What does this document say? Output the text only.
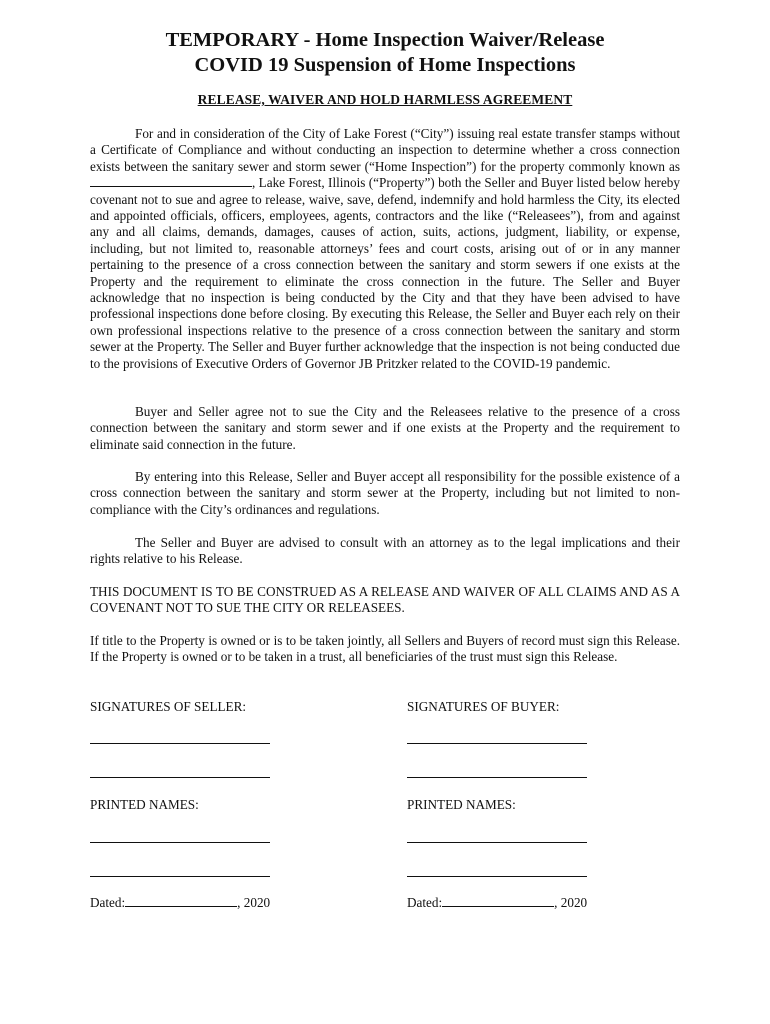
TEMPORARY - Home Inspection Waiver/Release

COVID 19 Suspension of Home Inspections

RELEASE, WAIVER AND HOLD HARMLESS AGREEMENT

For and in consideration of the City of Lake Forest (“City”) issuing real estate transfer stamps without a Certificate of Compliance and without conducting an inspection to determine whether a cross connection exists between the sanitary sewer and storm sewer (“Home Inspection”) for the property commonly known as , Lake Forest, Illinois (“Property”) both the Seller and Buyer listed below hereby covenant not to sue and agree to release, waive, save, defend, indemnify and hold harmless the City, its elected and appointed officials, officers, employees, agents, contractors and the like (“Releasees”), from and against any and all claims, demands, damages, causes of action, suits, actions, judgment, liability, or expense, including, but not limited to, reasonable attorneys’ fees and court costs, arising out of or in any manner pertaining to the presence of a cross connection between the sanitary and storm sewers if one exists at the Property and the requirement to eliminate the cross connection in the future. The Seller and Buyer acknowledge that no inspection is being conducted by the City and that they have been advised to have professional inspections done before closing. By executing this Release, the Seller and Buyer each rely on their own professional inspections relative to the presence of a cross connection between the sanitary and storm sewer at the Property. The Seller and Buyer further acknowledge that the inspection is not being conducted due to the provisions of Executive Orders of Governor JB Pritzker related to the COVID-19 pandemic.

Buyer and Seller agree not to sue the City and the Releasees relative to the presence of a cross connection between the sanitary and storm sewer and if one exists at the Property and the requirement to eliminate said connection in the future.

By entering into this Release, Seller and Buyer accept all responsibility for the possible existence of a cross connection between the sanitary and storm sewer at the Property, including but not limited to non-compliance with the City’s ordinances and regulations.

The Seller and Buyer are advised to consult with an attorney as to the legal implications and their rights relative to his Release.

THIS DOCUMENT IS TO BE CONSTRUED AS A RELEASE AND WAIVER OF ALL CLAIMS AND AS A COVENANT NOT TO SUE THE CITY OR RELEASEES.

If title to the Property is owned or is to be taken jointly, all Sellers and Buyers of record must sign this Release. If the Property is owned or to be taken in a trust, all beneficiaries of the trust must sign this Release.

SIGNATURES OF SELLER:	SIGNATURES OF BUYER:
PRINTED NAMES:	PRINTED NAMES:
Dated:	, 2020	Dated:	, 2020
